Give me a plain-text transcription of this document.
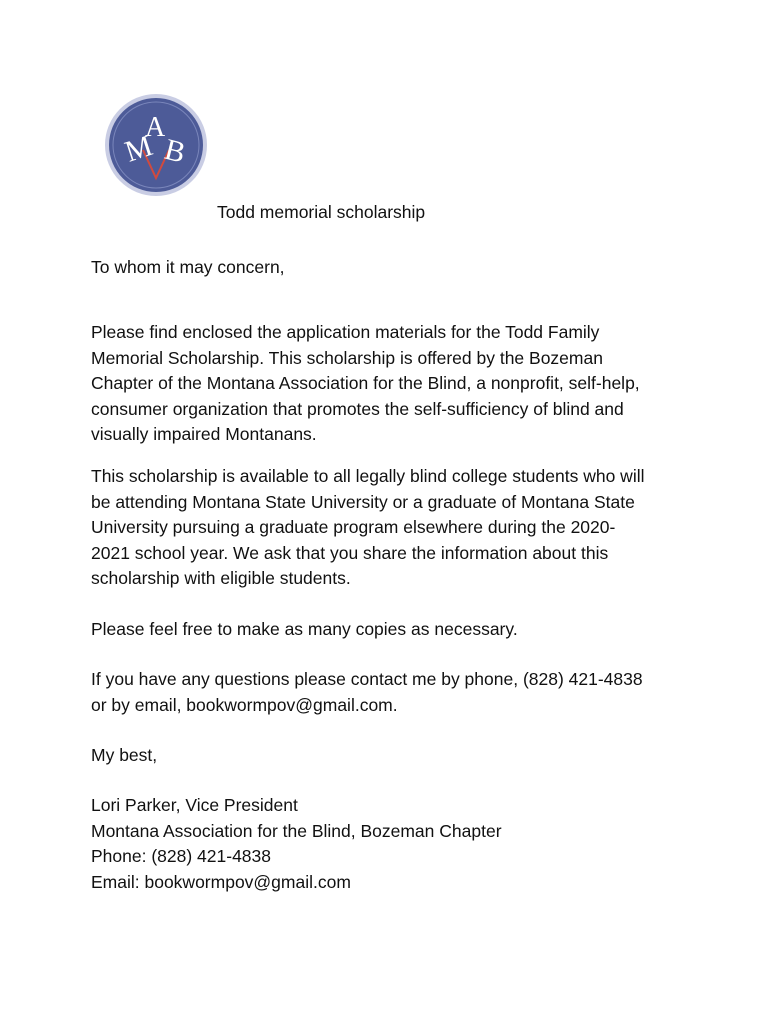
M
A
B
Todd memorial scholarship
To whom it may concern,

Please find enclosed the application materials for the Todd Family

Memorial Scholarship. This scholarship is offered by the Bozeman

Chapter of the Montana Association for the Blind, a nonprofit, self-help,

consumer organization that promotes the self-sufficiency of blind and

visually impaired Montanans.

This scholarship is available to all legally blind college students who will

be attending Montana State University or a graduate of Montana State

University pursuing a graduate program elsewhere during the 2020-

2021 school year. We ask that you share the information about this

scholarship with eligible students.

Please feel free to make as many copies as necessary.

If you have any questions please contact me by phone, (828) 421-4838

or by email, bookwormpov@gmail.com.

My best,

Lori Parker, Vice President

Montana Association for the Blind, Bozeman Chapter

Phone: (828) 421-4838

Email: bookwormpov@gmail.com
